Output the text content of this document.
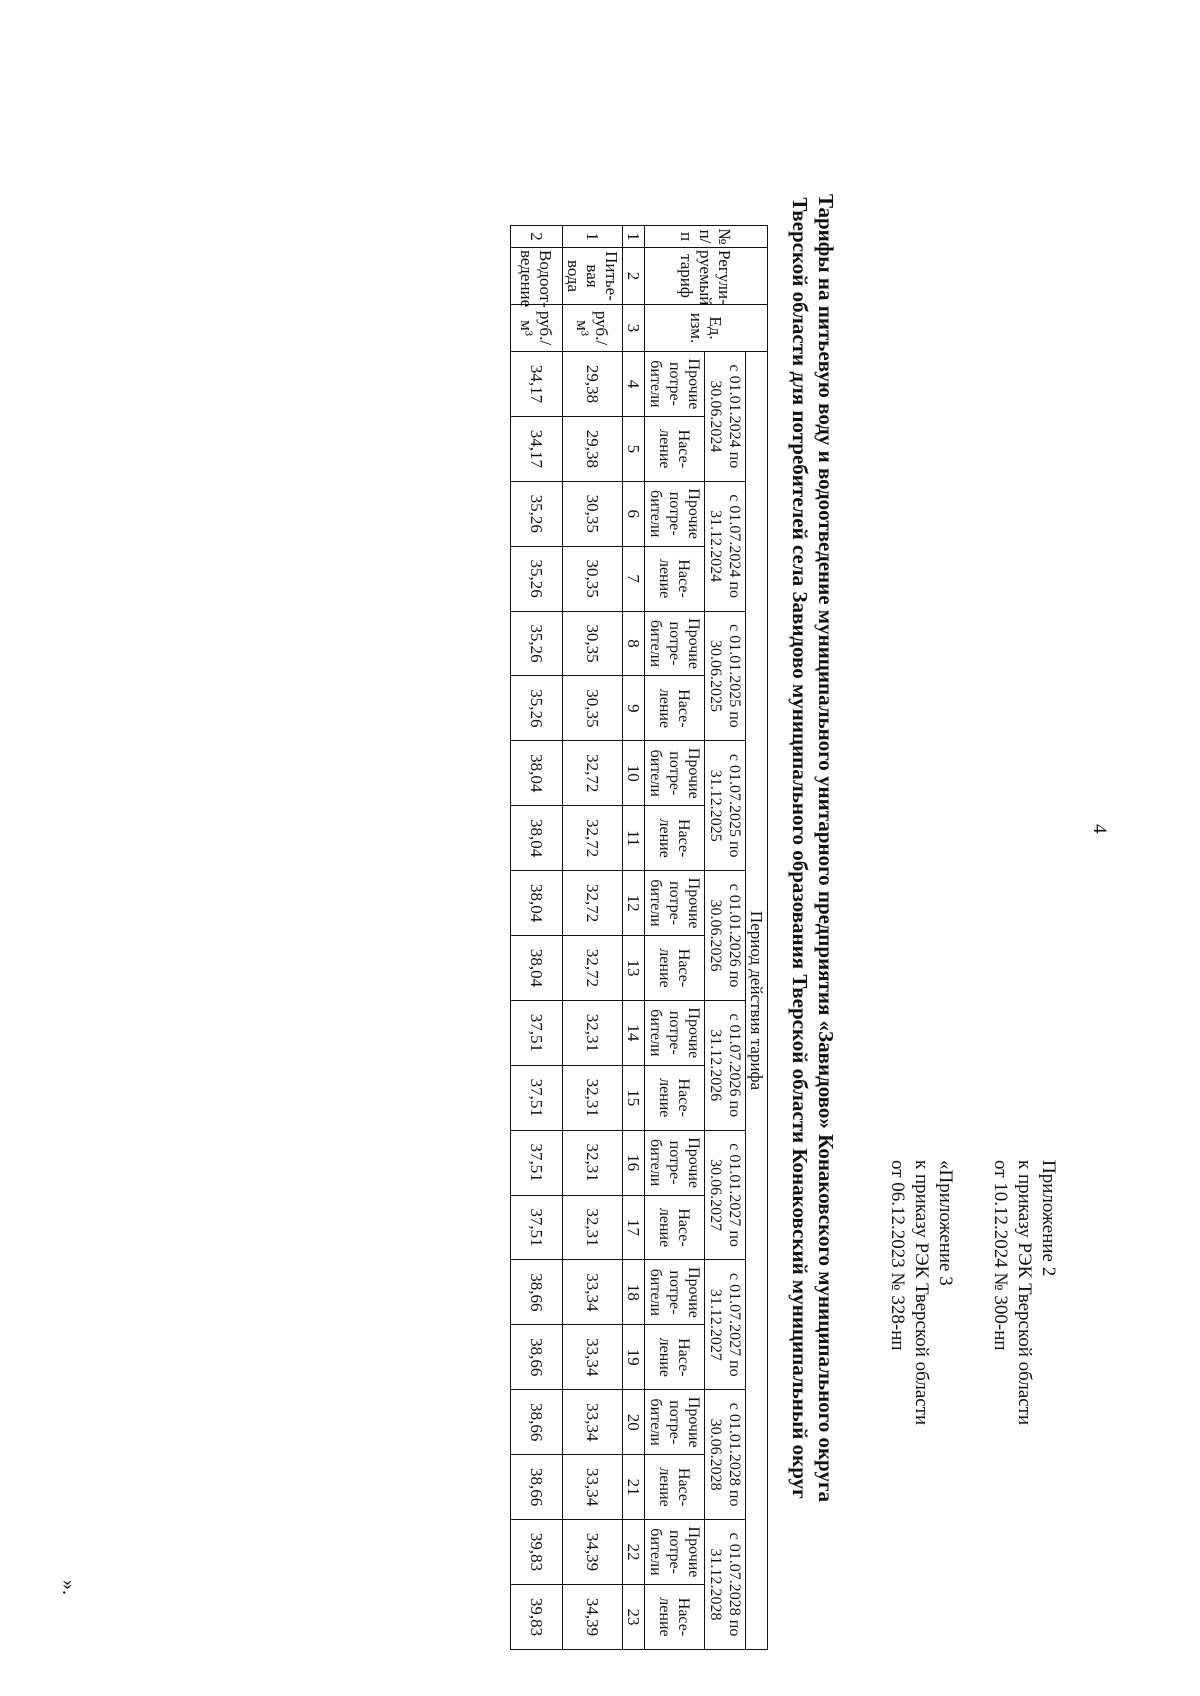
4
Приложение 2
к приказу РЭК Тверской области
от 10.12.2024 № 300-нп
«Приложение 3
к приказу РЭК Тверской области
от 06.12.2023 № 328-нп
Тарифы на питьевую воду и водоотведение муниципального унитарного предприятия «Завидово» Конаковского муниципального округа
Тверской области для потребителей села Завидово муниципального образования Тверской области Конаковский муниципальный округ
№ п/п	Регули-руемый тариф	Ед. изм.	Период действия тарифа																			
			с 01.01.2024 по 30.06.2024		с 01.07.2024 по 31.12.2024		с 01.01.2025 по 30.06.2025		с 01.07.2025 по 31.12.2025		с 01.01.2026 по 30.06.2026		с 01.07.2026 по 31.12.2026		с 01.01.2027 по 30.06.2027		с 01.07.2027 по 31.12.2027		с 01.01.2028 по 30.06.2028		с 01.07.2028 по 31.12.2028	
			Прочие потре-бители	Насе-ление	Прочие потре-бители	Насе-ление	Прочие потре-бители	Насе-ление	Прочие потре-бители	Насе-ление	Прочие потре-бители	Насе-ление	Прочие потре-бители	Насе-ление	Прочие потре-бители	Насе-ление	Прочие потре-бители	Насе-ление	Прочие потре-бители	Насе-ление	Прочие потре-бители	Насе-ление
1	2	3	4	5	6	7	8	9	10	11	12	13	14	15	16	17	18	19	20	21	22	23
1	Питье-вая вода	руб./м³	29,38	29,38	30,35	30,35	30,35	30,35	32,72	32,72	32,72	32,72	32,31	32,31	32,31	32,31	33,34	33,34	33,34	33,34	34,39	34,39
2	Водоот-ведение	руб./м³	34,17	34,17	35,26	35,26	35,26	35,26	38,04	38,04	38,04	38,04	37,51	37,51	37,51	37,51	38,66	38,66	38,66	38,66	39,83	39,83
».
